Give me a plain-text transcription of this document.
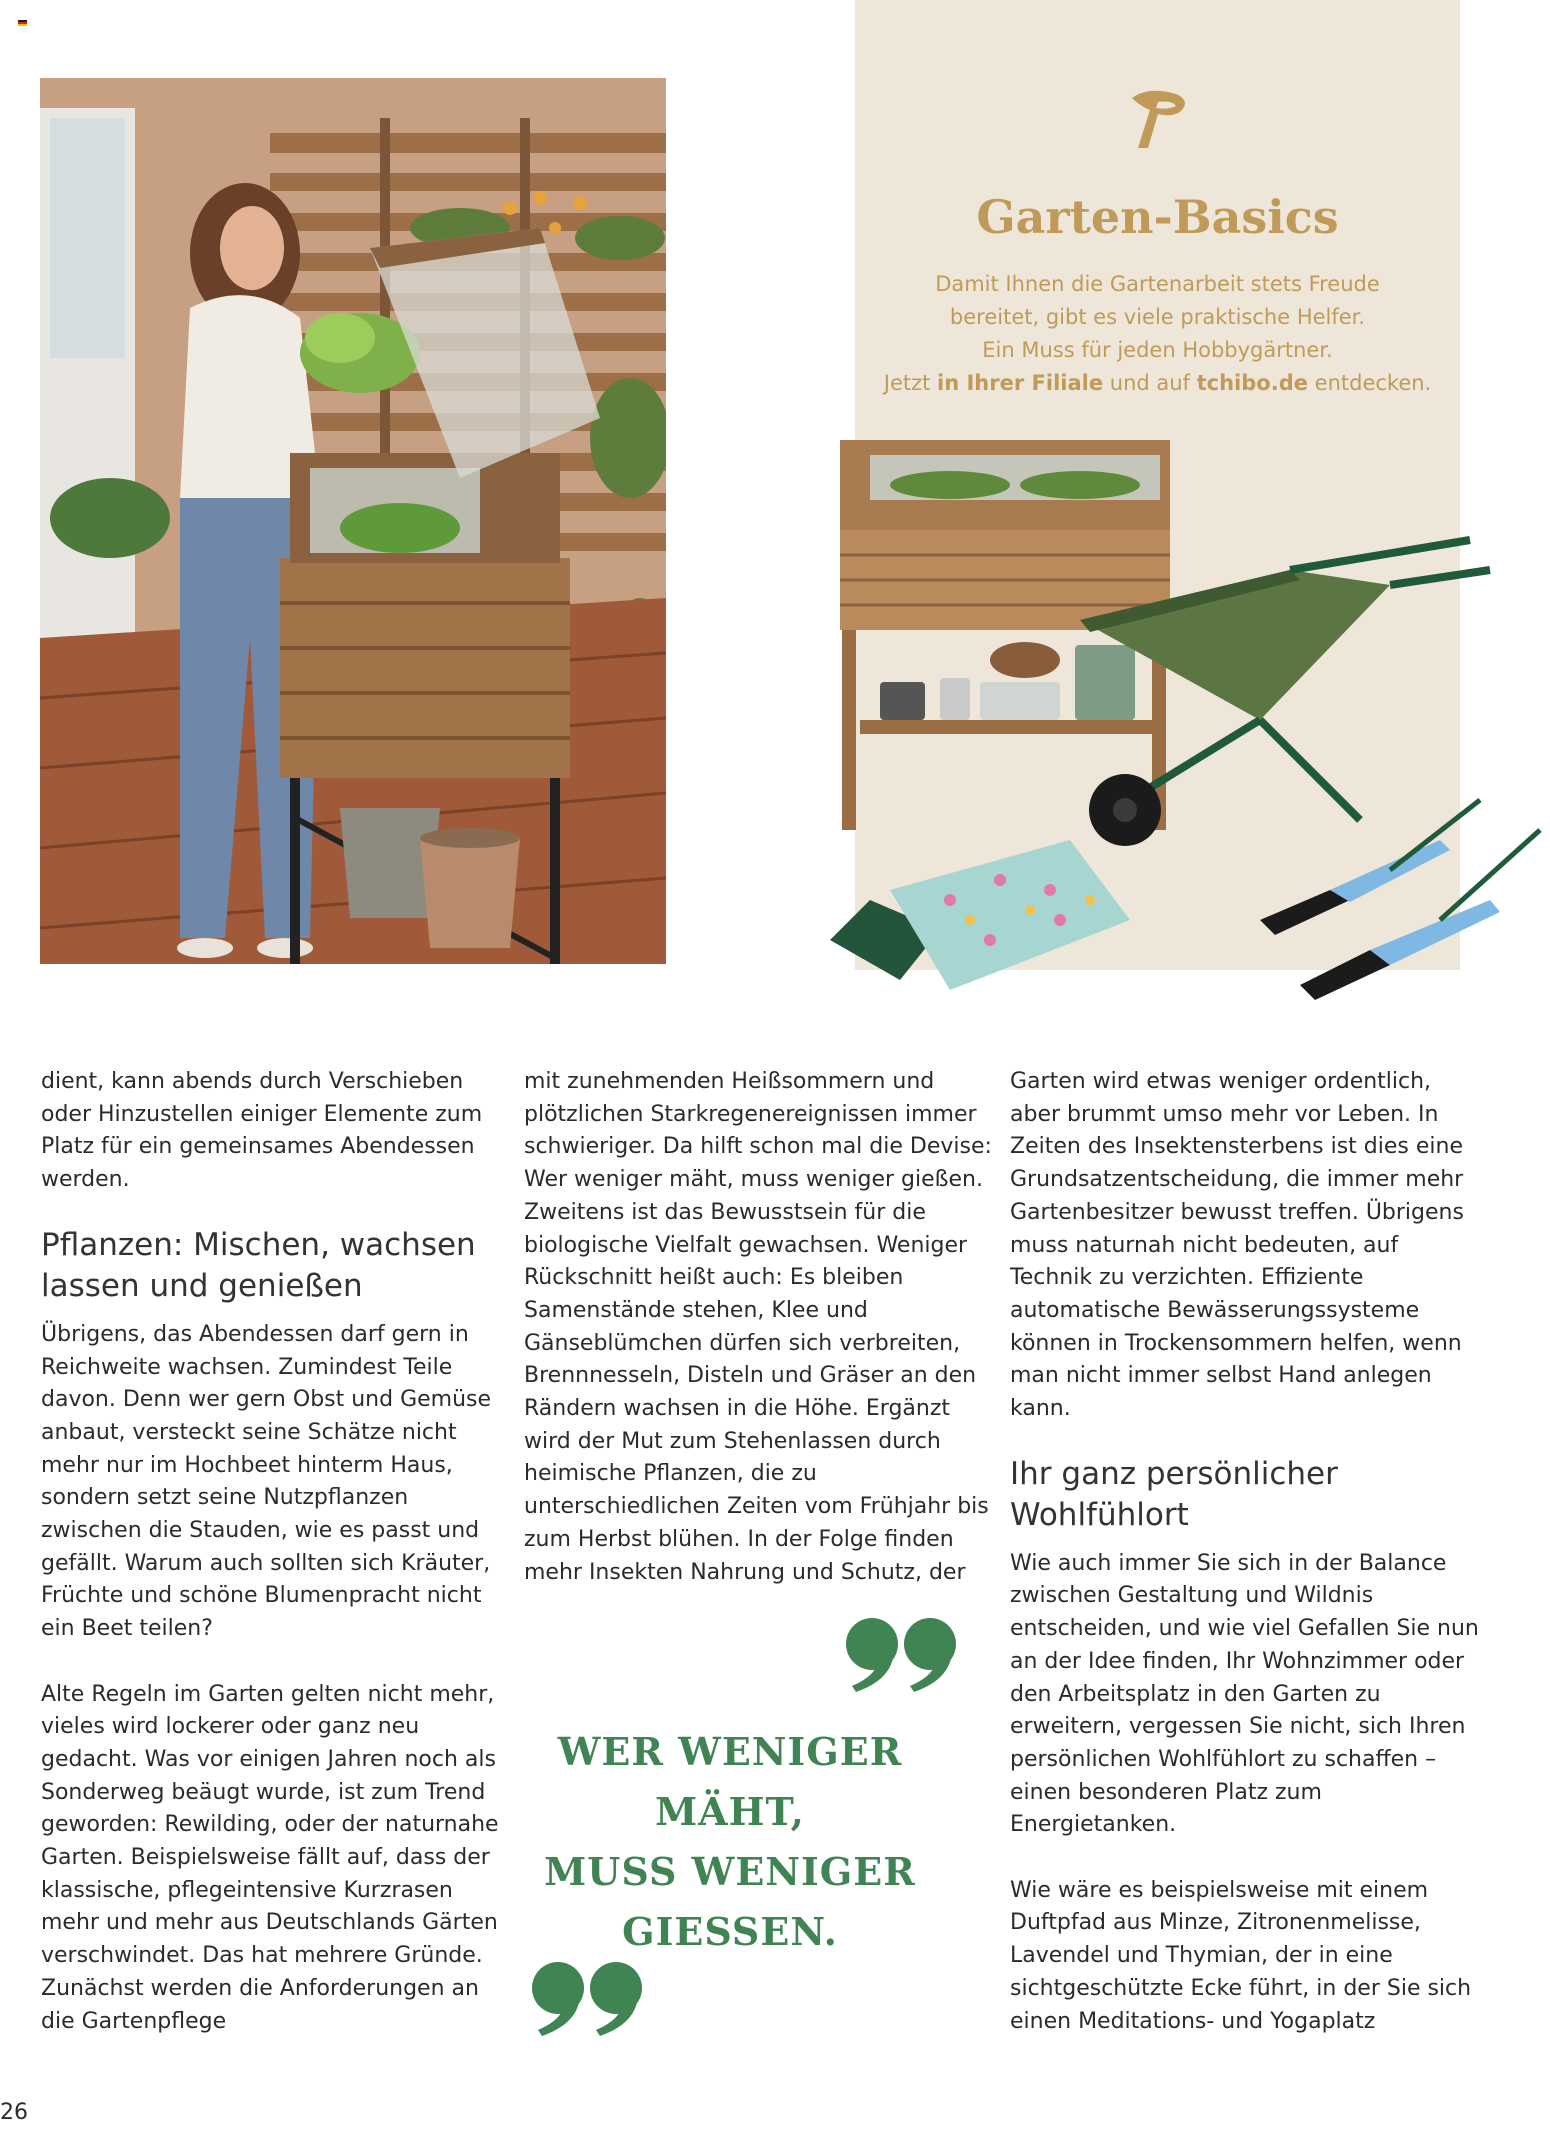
Garten-Basics

Damit Ihnen die Gartenarbeit stets Freude

bereitet, gibt es viele praktische Helfer.

Ein Muss für jeden Hobbygärtner.

Jetzt in Ihrer Filiale und auf tchibo.de entdecken.

dient, kann abends durch Verschieben oder Hinzustellen einiger Elemente zum Platz für ein gemeinsames Abendessen werden.

Pflanzen: Mischen, wachsen lassen und genießen

Übrigens, das Abendessen darf gern in Reichweite wachsen. Zumindest Teile davon. Denn wer gern Obst und Gemüse anbaut, versteckt seine Schätze nicht mehr nur im Hochbeet hinterm Haus, sondern setzt seine Nutzpflanzen zwischen die Stauden, wie es passt und gefällt. Warum auch sollten sich Kräuter, Früchte und schöne Blumenpracht nicht ein Beet teilen?

Alte Regeln im Garten gelten nicht mehr, vieles wird lockerer oder ganz neu gedacht. Was vor einigen Jahren noch als Sonderweg beäugt wurde, ist zum Trend geworden: Rewilding, oder der naturnahe Garten. Beispielsweise fällt auf, dass der klassische, pflegeintensive Kurzrasen mehr und mehr aus Deutschlands Gärten verschwindet. Das hat mehrere Gründe. Zunächst werden die Anforderungen an die Gartenpflege

mit zunehmenden Heißsommern und plötzlichen Starkregenereignissen immer schwieriger. Da hilft schon mal die Devise: Wer weniger mäht, muss weniger gießen. Zweitens ist das Bewusstsein für die biologische Vielfalt gewachsen. Weniger Rückschnitt heißt auch: Es bleiben Samenstände stehen, Klee und Gänseblümchen dürfen sich verbreiten, Brennnesseln, Disteln und Gräser an den Rändern wachsen in die Höhe. Ergänzt wird der Mut zum Stehenlassen durch heimische Pflanzen, die zu unterschiedlichen Zeiten vom Frühjahr bis zum Herbst blühen. In der Folge finden mehr Insekten Nahrung und Schutz, der

WER WENIGER

MÄHT,

MUSS WENIGER

GIESSEN.

Garten wird etwas weniger ordentlich, aber brummt umso mehr vor Leben. In Zeiten des Insektensterbens ist dies eine Grundsatzentscheidung, die immer mehr Gartenbesitzer bewusst treffen. Übrigens muss naturnah nicht bedeuten, auf Technik zu verzichten. Effiziente automatische Bewässerungssysteme können in Trockensommern helfen, wenn man nicht immer selbst Hand anlegen kann.

Ihr ganz persönlicher Wohlfühlort

Wie auch immer Sie sich in der Balance zwischen Gestaltung und Wildnis entscheiden, und wie viel Gefallen Sie nun an der Idee finden, Ihr Wohnzimmer oder den Arbeitsplatz in den Garten zu erweitern, vergessen Sie nicht, sich Ihren persönlichen Wohlfühlort zu schaffen – einen besonderen Platz zum Energietanken.

Wie wäre es beispielsweise mit einem Duftpfad aus Minze, Zitronenmelisse, Lavendel und Thymian, der in eine sichtgeschützte Ecke führt, in der Sie sich einen Meditations- und Yogaplatz

26
